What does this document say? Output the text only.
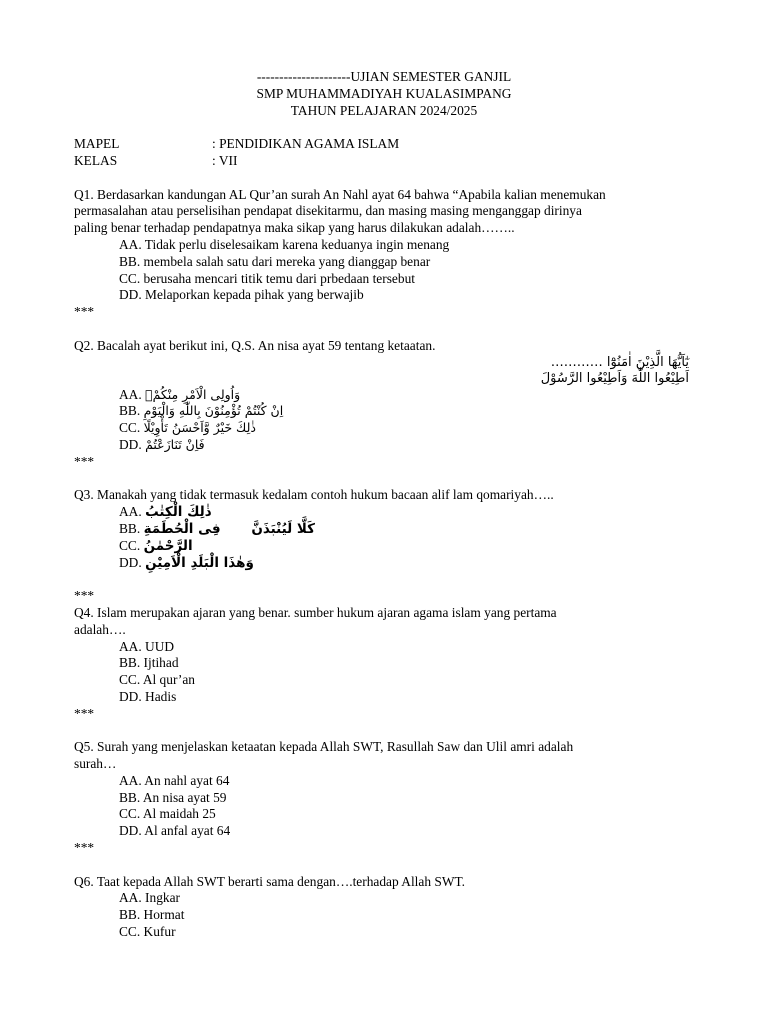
---------------------UJIAN SEMESTER GANJIL
SMP MUHAMMADIYAH KUALASIMPANG
TAHUN PELAJARAN 2024/2025
MAPEL	: PENDIDIKAN AGAMA ISLAM
KELAS	: VII
Q1. Berdasarkan kandungan AL Qur’an surah An Nahl ayat 64 bahwa “Apabila kalian menemukan
permasalahan atau perselisihan pendapat disekitarmu, dan masing masing menganggap dirinya
paling benar terhadap pendapatnya maka sikap yang harus dilakukan adalah……..
AA. Tidak perlu diselesaikam karena keduanya ingin menang
BB. membela salah satu dari mereka yang dianggap benar
CC. berusaha mencari titik temu dari prbedaan tersebut
DD. Melaporkan kepada pihak yang berwajib
***
Q2. Bacalah ayat berikut ini, Q.S. An nisa ayat 59 tentang ketaatan.
يٰٓاَيُّهَا الَّذِيْنَ اٰمَنُوْٓا …………
اَطِيْعُوا اللّٰهَ وَاَطِيْعُوا الرَّسُوْلَ
AA. وَاُولِى الْاَمْرِ مِنْكُمْۚ
BB. اِنْ كُنْتُمْ تُؤْمِنُوْنَ بِاللّٰهِ وَالْيَوْمِ
CC. ذٰلِكَ خَيْرٌ وَّاَحْسَنُ تَأْوِيْلًا
DD. فَاِنْ تَنَازَعْتُمْ
***
Q3. Manakah yang tidak termasuk kedalam contoh hukum bacaan alif lam qomariyah…..
AA. ذٰلِكَ الْكِتٰبُ
BB. فِى الْحُطَمَةِ كَلَّا لَيُنْبَذَنَّ
CC. الرَّحْمٰنُ
DD. وَهٰذَا الْبَلَدِ الْاَمِيْنِ
***
Q4. Islam merupakan ajaran yang benar. sumber hukum ajaran agama islam yang pertama
adalah….
AA. UUD
BB. Ijtihad
CC. Al qur’an
DD. Hadis
***
Q5. Surah yang menjelaskan ketaatan kepada Allah SWT, Rasullah Saw dan Ulil amri adalah
surah…
AA. An nahl ayat 64
BB. An nisa ayat 59
CC. Al maidah 25
DD. Al anfal ayat 64
***
Q6. Taat kepada Allah SWT berarti sama dengan….terhadap Allah SWT.
AA. Ingkar
BB. Hormat
CC. Kufur
